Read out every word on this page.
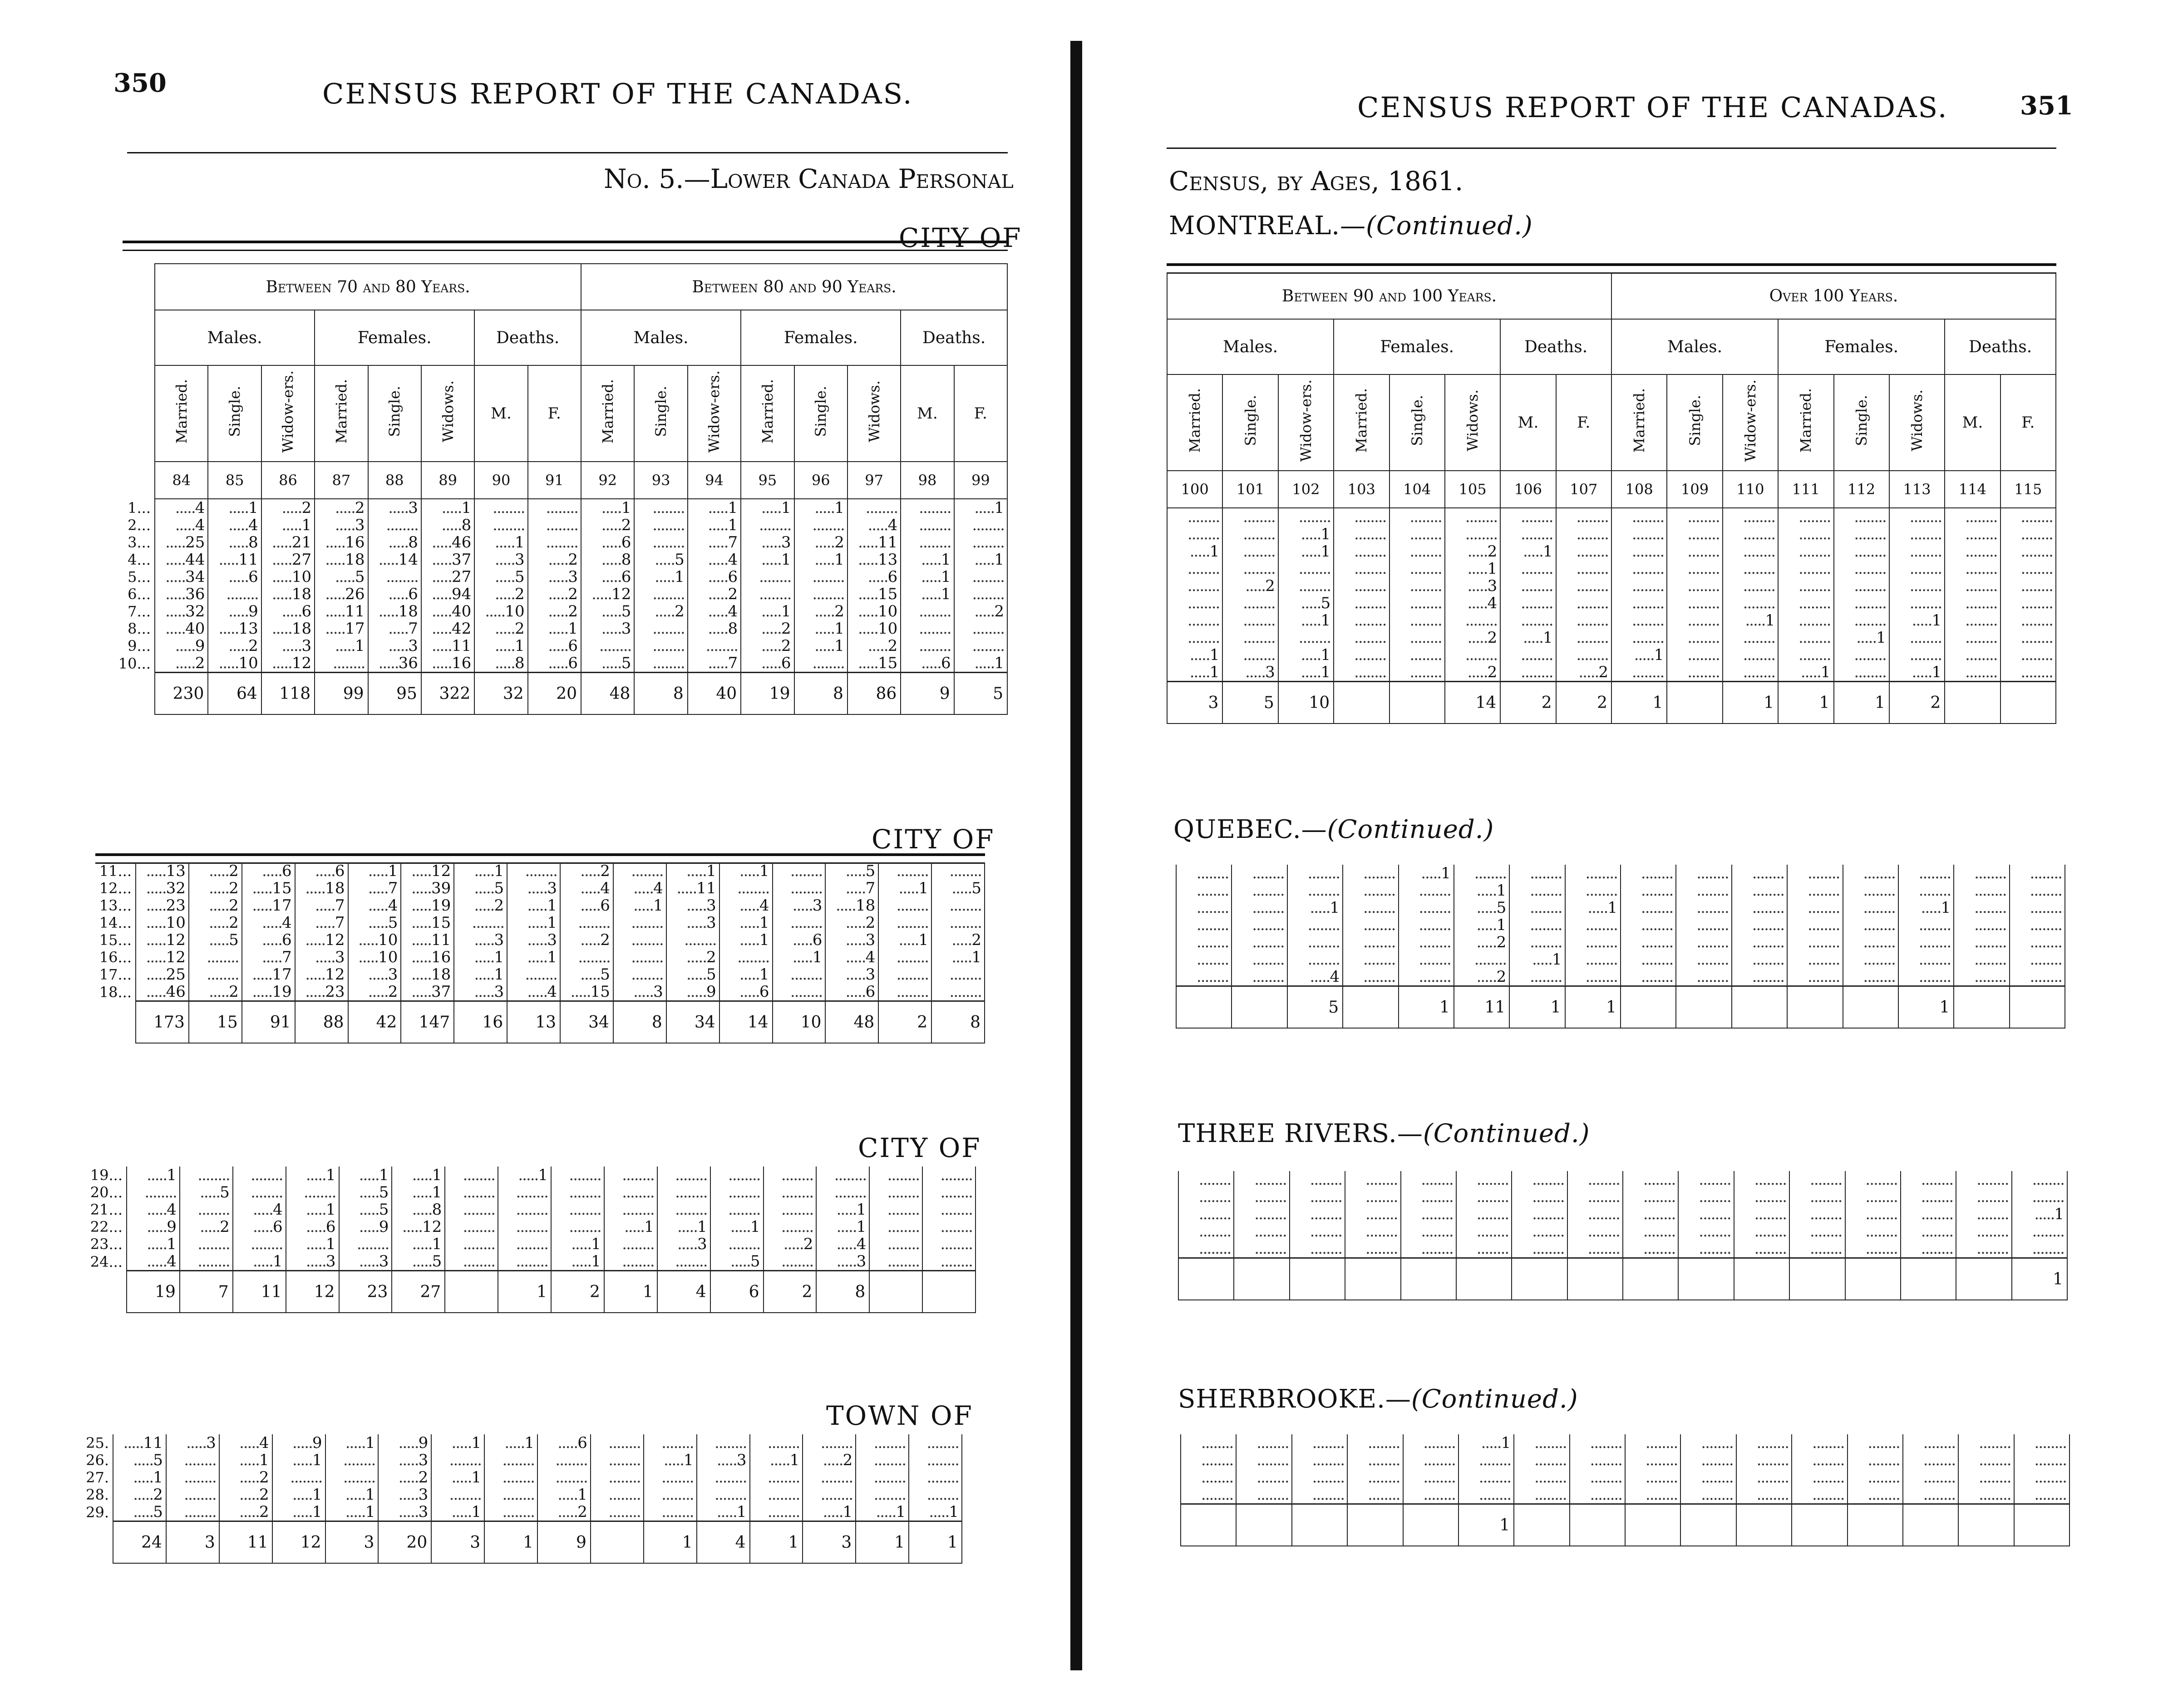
350	CENSUS REPORT OF THE CANADAS.
No. 5.—Lower Canada Personal
CITY OF
	Between 70 and 80 Years.								Between 80 and 90 Years.							
	Males.			Females.			Deaths.		Males.			Females.			Deaths.	
	Married.	Single.	Widow-ers.	Married.	Single.	Widows.	M.	F.	Married.	Single.	Widow-ers.	Married.	Single.	Widows.	M.	F.
	84	85	86	87	88	89	90	91	92	93	94	95	96	97	98	99
1...	.....4	.....1	.....2	.....2	.....3	.....1	........	........	.....1	........	.....1	.....1	.....1	........	........	.....1
2...	.....4	.....4	.....1	.....3	........	.....8	........	........	.....2	........	.....1	........	........	.....4	........	........
3...	.....25	.....8	.....21	.....16	.....8	.....46	.....1	........	.....6	........	.....7	.....3	.....2	.....11	........	........
4...	.....44	.....11	.....27	.....18	.....14	.....37	.....3	.....2	.....8	.....5	.....4	.....1	.....1	.....13	.....1	.....1
5...	.....34	.....6	.....10	.....5	........	.....27	.....5	.....3	.....6	.....1	.....6	........	........	.....6	.....1	........
6...	.....36	........	.....18	.....26	.....6	.....94	.....2	.....2	.....12	........	.....2	........	........	.....15	.....1	........
7...	.....32	.....9	.....6	.....11	.....18	.....40	.....10	.....2	.....5	.....2	.....4	.....1	.....2	.....10	........	.....2
8...	.....40	.....13	.....18	.....17	.....7	.....42	.....2	.....1	.....3	........	.....8	.....2	.....1	.....10	........	........
9...	.....9	.....2	.....3	.....1	.....3	.....11	.....1	.....6	........	........	........	.....2	.....1	.....2	........	........
10...	.....2	.....10	.....12	........	.....36	.....16	.....8	.....6	.....5	........	.....7	.....6	........	.....15	.....6	.....1
	230	64	118	99	95	322	32	20	48	8	40	19	8	86	9	5
CITY OF
11...	.....13	.....2	.....6	.....6	.....1	.....12	.....1	........	.....2	........	.....1	.....1	........	.....5	........	........
12...	.....32	.....2	.....15	.....18	.....7	.....39	.....5	.....3	.....4	.....4	.....11	........	........	.....7	.....1	.....5
13...	.....23	.....2	.....17	.....7	.....4	.....19	.....2	.....1	.....6	.....1	.....3	.....4	.....3	.....18	........	........
14...	.....10	.....2	.....4	.....7	.....5	.....15	........	.....1	........	........	.....3	.....1	........	.....2	........	........
15...	.....12	.....5	.....6	.....12	.....10	.....11	.....3	.....3	.....2	........	........	.....1	.....6	.....3	.....1	.....2
16...	.....12	........	.....7	.....3	.....10	.....16	.....1	.....1	........	........	.....2	........	.....1	.....4	........	.....1
17...	.....25	........	.....17	.....12	.....3	.....18	.....1	........	.....5	........	.....5	.....1	........	.....3	........	........
18...	.....46	.....2	.....19	.....23	.....2	.....37	.....3	.....4	.....15	.....3	.....9	.....6	........	.....6	........	........
	173	15	91	88	42	147	16	13	34	8	34	14	10	48	2	8
CITY OF
19...	.....1	........	........	.....1	.....1	.....1	........	.....1	........	........	........	........	........	........	........	........
20...	........	.....5	........	........	.....5	.....1	........	........	........	........	........	........	........	........	........	........
21...	.....4	........	.....4	.....1	.....5	.....8	........	........	........	........	........	........	........	.....1	........	........
22...	.....9	.....2	.....6	.....6	.....9	.....12	........	........	........	.....1	.....1	.....1	........	.....1	........	........
23...	.....1	........	........	.....1	........	.....1	........	........	.....1	........	.....3	........	.....2	.....4	........	........
24...	.....4	........	.....1	.....3	.....3	.....5	........	........	.....1	........	........	.....5	........	.....3	........	........
	19	7	11	12	23	27		1	2	1	4	6	2	8		
TOWN OF
25.	.....11	.....3	.....4	.....9	.....1	.....9	.....1	.....1	.....6	........	........	........	........	........	........	........
26.	.....5	........	.....1	.....1	........	.....3	........	........	........	........	.....1	.....3	.....1	.....2	........	........
27.	.....1	........	.....2	........	........	.....2	.....1	........	........	........	........	........	........	........	........	........
28.	.....2	........	.....2	.....1	.....1	.....3	........	........	.....1	........	........	........	........	........	........	........
29.	.....5	........	.....2	.....1	.....1	.....3	.....1	........	.....2	........	........	.....1	........	.....1	.....1	.....1
	24	3	11	12	3	20	3	1	9		1	4	1	3	1	1
CENSUS REPORT OF THE CANADAS.	351
Census, by Ages, 1861.
MONTREAL.—(Continued.)
Between 90 and 100 Years.								Over 100 Years.							
Males.			Females.			Deaths.		Males.			Females.			Deaths.	
Married.	Single.	Widow-ers.	Married.	Single.	Widows.	M.	F.	Married.	Single.	Widow-ers.	Married.	Single.	Widows.	M.	F.
100	101	102	103	104	105	106	107	108	109	110	111	112	113	114	115
........	........	........	........	........	........	........	........	........	........	........	........	........	........	........	........
........	........	.....1	........	........	........	........	........	........	........	........	........	........	........	........	........
.....1	........	.....1	........	........	.....2	.....1	........	........	........	........	........	........	........	........	........
........	........	........	........	........	.....1	........	........	........	........	........	........	........	........	........	........
........	.....2	........	........	........	.....3	........	........	........	........	........	........	........	........	........	........
........	........	.....5	........	........	.....4	........	........	........	........	........	........	........	........	........	........
........	........	.....1	........	........	........	........	........	........	........	.....1	........	........	.....1	........	........
........	........	........	........	........	.....2	.....1	........	........	........	........	........	.....1	........	........	........
.....1	........	.....1	........	........	........	........	........	.....1	........	........	........	........	........	........	........
.....1	.....3	.....1	........	........	.....2	........	.....2	........	........	........	.....1	........	.....1	........	........
3	5	10			14	2	2	1		1	1	1	2		
QUEBEC.—(Continued.)
........	........	........	........	.....1	........	........	........	........	........	........	........	........	........	........	........
........	........	........	........	........	.....1	........	........	........	........	........	........	........	........	........	........
........	........	.....1	........	........	.....5	........	.....1	........	........	........	........	........	.....1	........	........
........	........	........	........	........	.....1	........	........	........	........	........	........	........	........	........	........
........	........	........	........	........	.....2	........	........	........	........	........	........	........	........	........	........
........	........	........	........	........	........	.....1	........	........	........	........	........	........	........	........	........
........	........	.....4	........	........	.....2	........	........	........	........	........	........	........	........	........	........
		5		1	11	1	1						1		
THREE RIVERS.—(Continued.)
........	........	........	........	........	........	........	........	........	........	........	........	........	........	........	........
........	........	........	........	........	........	........	........	........	........	........	........	........	........	........	........
........	........	........	........	........	........	........	........	........	........	........	........	........	........	........	.....1
........	........	........	........	........	........	........	........	........	........	........	........	........	........	........	........
........	........	........	........	........	........	........	........	........	........	........	........	........	........	........	........
															1
SHERBROOKE.—(Continued.)
........	........	........	........	........	.....1	........	........	........	........	........	........	........	........	........	........
........	........	........	........	........	........	........	........	........	........	........	........	........	........	........	........
........	........	........	........	........	........	........	........	........	........	........	........	........	........	........	........
........	........	........	........	........	........	........	........	........	........	........	........	........	........	........	........
					1										
